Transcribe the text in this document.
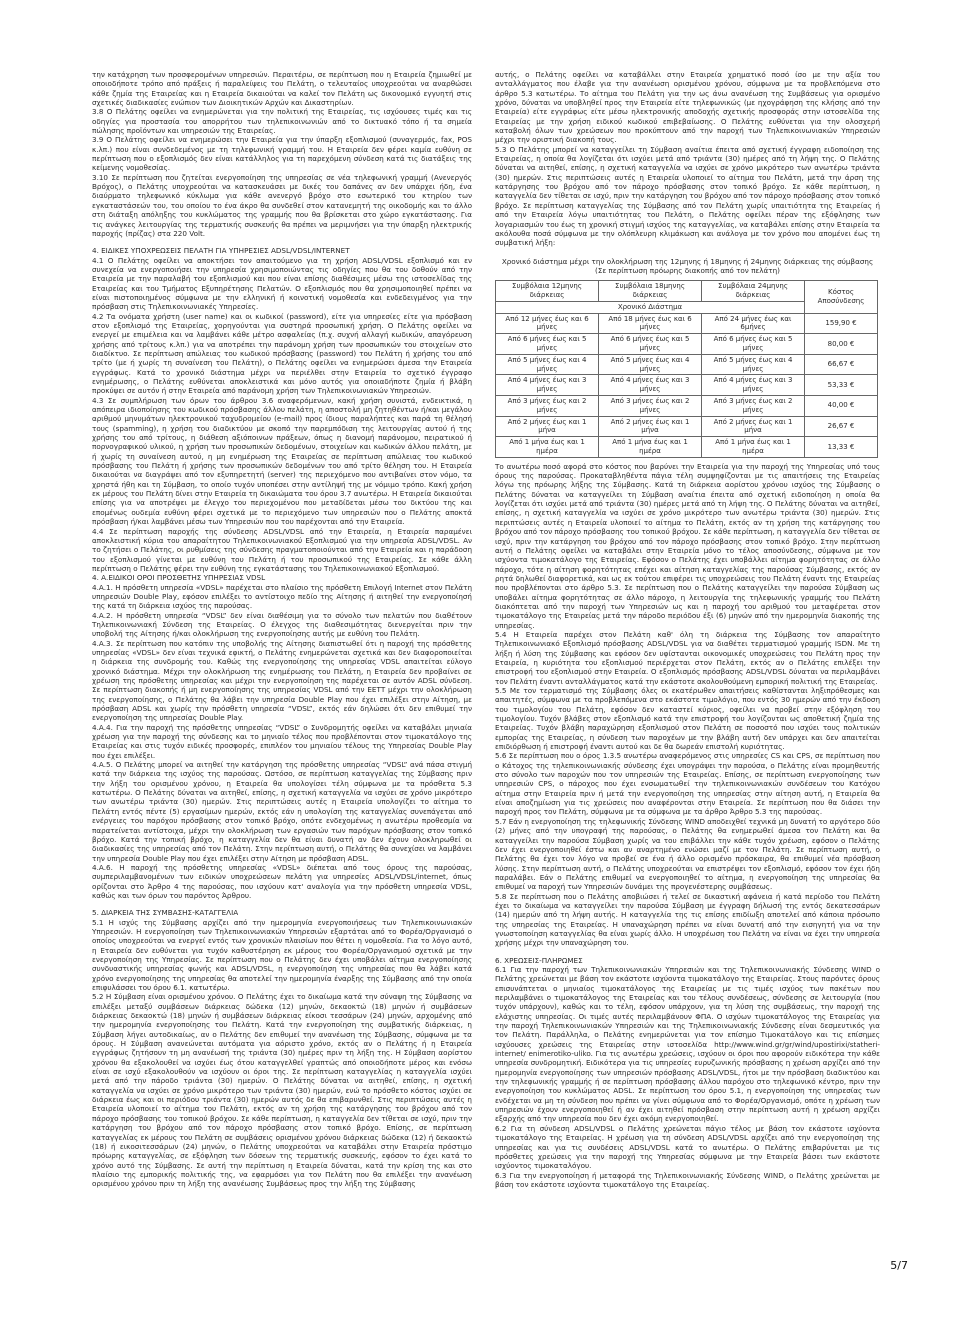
την κατάχρηση των προσφερομένων υπηρεσιών. Περαιτέρω, σε περίπτωση που η Εταιρεία ζημιωθεί με οποιοδήποτε τρόπο από πράξεις ή παραλείψεις του Πελάτη, ο τελευταίος υποχρεούται να αναρθώσει κάθε ζημία της Εταιρείας και η Εταιρεία δικαιούται να καλεί τον Πελάτη ως δικονομικό εγγυητή στις σχετικές διαδικασίες ενώπιον των Διοικητικών Αρχών και Δικαστηρίων.

3.8 Ο Πελάτης οφείλει να ενημερώνεται για την πολιτική της Εταιρείας, τις ισχύουσες τιμές και τις οδηγίες για προστασία του απορρήτου των τηλεπικοινωνιών από το δικτυακό τόπο ή τα σημεία πώλησης προϊόντων και υπηρεσιών της Εταιρείας.

3.9 Ο Πελάτης οφείλει να ενημερώσει την Εταιρεία για την ύπαρξη εξοπλισμού (συναγερμός, fax, POS κ.λπ.) που είναι συνδεδεμένος με τη τηλεφωνική γραμμή του. Η Εταιρεία δεν φέρει καμία ευθύνη σε περίπτωση που ο εξοπλισμός δεν είναι κατάλληλος για τη παρεχόμενη σύνδεση κατά τις διατάξεις της κείμενης νομοθεσίας.

3.10 Σε περίπτωση που ζητείται ενεργοποίηση της υπηρεσίας σε νέα τηλεφωνική γραμμή (Ανενεργός Βρόχος), ο Πελάτης υποχρεούται να κατασκευάσει με δικές του δαπάνες αν δεν υπάρχει ήδη, ένα διαύρματο τηλεφωνικό κύκλωμα για κάθε ανενεργό βρόχο στο εσωτερικό του κτηρίου των εγκαταστάσεών του, του οποίου το ένα άκρο θα συνδεθεί στον κατανεμητή της οικοδομής και το άλλο στη διάταξη απόληξης του κυκλώματος της γραμμής που θα βρίσκεται στο χώρο εγκατάστασης. Για τις ανάγκες λειτουργίας της τερματικής συσκευής θα πρέπει να μεριμνήσει για την ύπαρξη ηλεκτρικής παροχής (πρίζας) στα 220 Volt.

4. ΕΙΔΙΚΕΣ ΥΠΟΧΡΕΩΣΕΙΣ ΠΕΛΑΤΗ ΓΙΑ ΥΠΗΡΕΣΙΕΣ ADSL/VDSL/INTERNET

4.1 Ο Πελάτης οφείλει να αποκτήσει τον απαιτούμενο για τη χρήση ADSL/VDSL εξοπλισμό και εν συνεχεία να ενεργοποιήσει την υπηρεσία χρησιμοποιώντας τις οδηγίες που θα του δοθούν από την Εταιρεία με την παραλαβή του εξοπλισμού και που είναι επίσης διαθέσιμες μέσω της ιστοσελίδας της Εταιρείας και του Τμήματος Εξυπηρέτησης Πελατών. Ο εξοπλισμός που θα χρησιμοποιηθεί πρέπει να είναι πιστοποιημένος σύμφωνα με την ελληνική ή κοινοτική νομοθεσία και ενδεδειγμένος για την πρόσβαση στις Τηλεπικοινωνιακές Υπηρεσίες.

4.2 Τα ονόματα χρήστη (user name) και οι κωδικοί (password), είτε για υπηρεσίες είτε για πρόσβαση στον εξοπλισμό της Εταιρείας, χορηγούνται για συστηρά προσωπική χρήση. Ο Πελάτης οφείλει να ενεργεί με επιμέλεια και να λαμβάνει κάθε μέτρο ασφαλείας (π.χ. συχνή αλλαγή κωδικών, απαγόρευση χρήσης από τρίτους κ.λπ.) για να αποτρέπει την παράνομη χρήση των προσωπικών του στοιχείων στο διαδίκτυο. Σε περίπτωση απώλειας του κωδικού πρόσβασης (password) του Πελάτη ή χρήσης του από τρίτο (με ή χωρίς τη συναίνεση του Πελάτη), ο Πελάτης οφείλει να ενημερώσει άμεσα την Εταιρεία εγγράφως. Κατά το χρονικό διάστημα μέχρι να περιέλθει στην Εταιρεία το σχετικό έγγραφο ενημέρωσης, ο Πελάτης ευθύνεται αποκλειστικά και μόνο αυτός για οποιαδήποτε ζημία ή βλάβη προκύψει σε αυτόν ή στην Εταιρεία από παράνομη χρήση των Τηλεπικοινωνιακών Υπηρεσιών.

4.3 Σε συμπλήρωση των όρων του άρθρου 3.6 αναφερόμενων, κακή χρήση συνιστά, ενδεικτικά, η απόπειρα ιδιοποίησης του κωδικού πρόσβασης άλλου πελάτη, η αποστολή μη ζητηθέντων ή/και μεγάλου αριθμού μηνυμάτων ηλεκτρονικού ταχυδρομείου (e-mail) προς ίδιους παραλήπτες και παρά τη θέλησή τους (spamming), η χρήση του διαδικτύου με σκοπό την παρεμπόδιση της λειτουργίας αυτού ή της χρήσης του από τρίτους, η διάθεση αξιόποινων πράξεων, όπως η διανομή παράνομου, πειρατικού ή πορνογραφικού υλικού, η χρήση των προσωπικών δεδομένων, στοιχείων και κωδικών άλλου πελάτη, με ή χωρίς τη συναίνεση αυτού, η μη ενημέρωση της Εταιρείας σε περίπτωση απώλειας του κωδικού πρόσβασης του Πελάτη ή χρήσης των προσωπικών δεδομένων του από τρίτο θέληση του. Η Εταιρεία δικαιούται να διαγράψει από τον εξυπηρετητή (server) της περιεχόμενο που αντιβαίνει στον νόμο, τα χρηστά ήθη και τη Σύμβαση, το οποίο τυχόν υποπέσει στην αντίληψή της με νόμιμο τρόπο. Κακή χρήση εκ μέρους του Πελάτη δίνει στην Εταιρεία τη δικαιώματα του όρου 3.7 ανωτέρω. Η Εταιρεία δικαιούται επίσης για να αποτρέψει με έλεγχο του περιεχομένου που μεταδίδεται μέσω του δικτύου της και επομένως ουδεμία ευθύνη φέρει σχετικά με το περιεχόμενο των υπηρεσιών που ο Πελάτης αποκτά πρόσβαση ή/και λαμβάνει μέσω των Υπηρεσιών που του παρέχονται από την Εταιρεία.

4.4 Σε περίπτωση παροχής της σύνδεσης ADSL/VDSL από την Εταιρεία, η Εταιρεία παραμένει αποκλειστική κύρια του απαραίτητου Τηλεπικοινωνιακού Εξοπλισμού για την υπηρεσία ADSL/VDSL. Αν το ζητήσει ο Πελάτης, οι ρυθμίσεις της σύνδεσης πραγματοποιούνται από την Εταιρεία και η παράδοση του εξοπλισμού γίνεται με ευθύνη του Πελάτη ή του προσωπικού της Εταιρείας. Σε κάθε άλλη περίπτωση ο Πελάτης φέρει την ευθύνη της εγκατάστασης του Τηλεπικοινωνιακού Εξοπλισμού.

4. Α.ΕΙΔΙΚΟΙ ΟΡΟΙ ΠΡΟΣΘΕΤΗΣ ΥΠΗΡΕΣΙΑΣ VDSL

4.Α.1. Η πρόσθετη υπηρεσία «VDSL» παρέχεται στο πλαίσιο της πρόσθετη Επιλογή Internet στον Πελάτη υπηρεσιών Double Play, εφόσον επιλέξει το αντίστοιχο πεδίο της Αίτησης ή αιτηθεί την ενεργοποίησή της κατά τη διάρκεια ισχύος της παρούσας.

4.Α.2. Η πρόσθετη υπηρεσία “VDSL” δεν είναι διαθέσιμη για το σύνολο των πελατών που διαθέτουν Τηλεπικοινωνιακή Σύνδεση της Εταιρείας. Ο έλεγχος της διαθεσιμότητας διενεργείται πριν την υποβολή της Αίτησης ή/και ολοκλήρωση της ενεργοποίησης αυτής με ευθύνη του Πελάτη.

4.Α.3. Σε περίπτωση που κατόπιν της υποβολής της Αίτησης διαπιστωθεί ότι η παροχή της πρόσθετης υπηρεσίας «VDSL» δεν είναι τεχνικά εφικτή, ο Πελάτης ενημερώνεται σχετικά και δεν διαφοροποιείται η διάρκεια της συνδρομής του. Καθώς της ενεργοποίησης της υπηρεσίας VDSL απαιτείται εύλογο χρονικό διάστημα. Μέχρι την ολοκλήρωση της ενημέρωσης του Πελάτη, η Εταιρεία δεν προβαίνει σε χρέωση της πρόσθετης υπηρεσίας και μέχρι την ενεργοποίηση της παρέχεται σε αυτόν ADSL σύνδεση. Σε περίπτωση διακοπής ή μη ενεργοποίησης της υπηρεσίας VDSL από την ΕΕΤΤ μέχρι την ολοκλήρωση της ενεργοποίησης, ο Πελάτης θα λάβει την υπηρεσία Double Play που έχει επιλέξει στην Αίτηση, με πρόσβαση ADSL και χωρίς την πρόσθετη υπηρεσία “VDSL”, εκτός εάν δηλώσει ότι δεν επιθυμεί την ενεργοποίηση της υπηρεσίας Double Play.

4.Α.4. Για την παροχή της πρόσθετης υπηρεσίας “VDSL” ο Συνδρομητής οφείλει να καταβάλει μηνιαία χρέωση για την παροχή της σύνδεσης και το μηνιαίο τέλος που προβλέπονται στον τιμοκατάλογο της Εταιρείας και στις τυχόν ειδικές προσφορές, επιπλέον του μηνιαίου τέλους της Υπηρεσίας Double Play που έχει επιλέξει.

4.Α.5. Ο Πελάτης μπορεί να αιτηθεί την κατάργηση της πρόσθετης υπηρεσίας “VDSL” ανά πάσα στιγμή κατά την διάρκεια της ισχύος της παρούσας. Ωστόσο, σε περίπτωση καταγγελίας της Σύμβασης πριν την λήξη του ορισμένου χρόνου, η Εταιρεία θα υπολογίσει τέλη σύμφωνα με τα πρόσθετα 5.3 κατωτέρω. Ο Πελάτης δύναται να αιτηθεί, επίσης, η σχετική καταγγελία να ισχύει σε χρόνο μικρότερο των ανωτέρω τριάντα (30) ημερών. Στις περιπτώσεις αυτές η Εταιρεία υπολογίζει το αίτημα το Πελάτη εντός πέντε (5) εργασίμων ημερών, εκτός εάν η υπολογίση της καταγγελίας συνεπάγεται από ενέργειες του παρόχου πρόσβασης στον τοπικό βρόχο, οπότε ενδεχομένως η ανωτέρω προθεσμία να παρατείνεται αντίστοιχα, μέχρι την ολοκλήρωση των εργασιών των παρόχων πρόσβασης στον τοπικό βρόχο. Κατά την τοπική βρόχο, η καταγγελία δεν θα είναι δυνατή αν δεν έχουν ολοκληρωθεί οι διαδικασίες της υπηρεσίας από τον Πελάτη. Στην περίπτωση αυτή, ο Πελάτης θα συνεχίσει να λαμβάνει την υπηρεσία Double Play που έχει επιλέξει στην Αίτηση με πρόσβαση ADSL.

4.Α.6. Η παροχή της πρόσθετης υπηρεσίας «VDSL» διέπεται από τους όρους της παρούσας, συμπεριλαμβανομένων των ειδικών υποχρεώσεων πελάτη για υπηρεσίες ADSL/VDSL/internet, όπως ορίζονται στο Άρθρο 4 της παρούσας, που ισχύουν κατ' αναλογία για την πρόσθετη υπηρεσία VDSL, καθώς και των όρων του παρόντος Άρθρου.

5. ΔΙΑΡΚΕΙΑ ΤΗΣ ΣΥΜΒΑΣΗΣ-ΚΑΤΑΓΓΕΛΙΑ

5.1 Η ισχύς της Σύμβασης αρχίζει από την ημερομηνία ενεργοποιήσεως των Τηλεπικοινωνιακών Υπηρεσιών. Η ενεργοποίηση των Τηλεπικοινωνιακών Υπηρεσιών εξαρτάται από το Φορέα/Οργανισμό ο οποίος υποχρεούται να ενεργεί εντός των χρονικών πλαισίων που θέτει η νομοθεσία. Για το λόγο αυτό, η Εταιρεία δεν ευθύνεται για τυχόν καθυστέρηση εκ μέρους του Φορέα/Οργανισμού σχετικά με την ενεργοποίηση της Υπηρεσίας. Σε περίπτωση που ο Πελάτης δεν έχει υποβάλει αίτημα ενεργοποίησης συνδυαστικής υπηρεσίας φωνής και ADSL/VDSL, η ενεργοποίηση της υπηρεσίας που θα λάβει κατά χρόνο ενεργοποίησης της υπηρεσίας θα αποτελεί την ημερομηνία έναρξης της Σύμβασης από την οποία επιφυλάσσει του όρου 6.1. κατωτέρω.

5.2 Η Σύμβαση είναι ορισμένου χρόνου. Ο Πελάτης έχει το δικαίωμα κατά την σύναψη της Σύμβασης να επιλέξει μεταξύ συμβάσεων διάρκειας δώδεκα (12) μηνών, δεκαοκτώ (18) μηνών ή συμβάσεων διάρκειας δεκαοκτώ (18) μηνών ή συμβάσεων διάρκειας είκοσι τεσσάρων (24) μηνών, αρχομένης από την ημερομηνία ενεργοποίησης του Πελάτη. Κατά την ενεργοποίηση της συμβατικής διάρκειας, η Σύμβαση λήγει αυτοδικαίως, αν ο Πελάτης δεν επιθυμεί την ανανέωση της Σύμβασης, σύμφωνα με τα όρους. Η Σύμβαση ανανεώνεται αυτόματα για αόριστο χρόνο, εκτός αν ο Πελάτης ή η Εταιρεία εγγράφως ζητήσουν τη μη ανανέωσή της τριάντα (30) ημέρες πριν τη λήξη της. Η Σύμβαση αορίστου χρόνου θα εξακολουθεί να ισχύει έως ότου καταγγελθεί γραπτώς από οποιοδήποτε μέρος και ενόσω είναι σε ισχύ εξακολουθούν να ισχύουν οι όροι της. Σε περίπτωση καταγγελίας η καταγγελία ισχύει μετά από την πάροδο τριάντα (30) ημερών. Ο Πελάτης δύναται να αιτηθεί, επίσης, η σχετική καταγγελία να ισχύει σε χρόνο μικρότερο των τριάντα (30) ημερών, ενώ το πρόσθετο κόστος ισχύει σε διάρκεια έως και οι περιόδου τριάντα (30) ημερών αυτός δε θα επιβαρυνθεί. Στις περιπτώσεις αυτές η Εταιρεία υλοποιεί το αίτημα του Πελάτη, εκτός αν τη χρήση της κατάργησης του βρόχου από τον πάροχο πρόσβασης του τοπικού βρόχου. Σε κάθε περίπτωση, η καταγγελία δεν τίθεται σε ισχύ, πριν την κατάργηση του βρόχου από τον πάροχο πρόσβασης στον τοπικό βρόχο. Επίσης, σε περίπτωση καταγγελίας εκ μέρους του Πελάτη σε συμβάσεις ορισμένου χρόνου διάρκειας δώδεκα (12) ή δεκαοκτώ (18) ή εικοσιτεσσάρων (24) μηνών, ο Πελάτης υποχρεούται να καταβάλει στην Εταιρεία πρόστιμο πρόωρης καταγγελίας, σε εξόφληση των δόσεων της τερματικής συσκευής, εφόσον το έχει κατά το χρόνο αυτό της Σύμβασης. Σε αυτή την περίπτωση η Εταιρεία δύναται, κατά την κρίση της και στο πλαίσιο της εμπορικής πολιτικής της, να εφαρμόσει για τον Πελάτη που θα επιλέξει την ανανέωση ορισμένου χρόνου πριν τη λήξη της ανανέωσης Συμβάσεως προς την λήξη της Σύμβασης

αυτής, ο Πελάτης οφείλει να καταβάλλει στην Εταιρεία χρηματικό ποσό ίσο με την αξία του ανταλλάγματος που έλαβε για την ανανέωση ορισμένου χρόνου, σύμφωνα με τα προβλεπόμενα στο άρθρο 5.3 κατωτέρω. Το αίτημα του Πελάτη για την ως άνω ανανέωση της Συμβάσεως για ορισμένο χρόνο, δύναται να υποβληθεί προς την Εταιρεία είτε τηλεφωνικώς (με ηχογράφηση της κλήσης από την Εταιρεία) είτε εγγράφως είτε μέσω ηλεκτρονικής αποδοχής σχετικής προσφοράς στην ιστοσελίδα της Εταιρείας με την χρήση ειδικού κωδικού επιβεβαίωσης. Ο Πελάτης ευθύνεται για την ολοσχερή καταβολή όλων των χρεώσεων που προκύπτουν από την παροχή των Τηλεπικοινωνιακών Υπηρεσιών μέχρι την οριστική διακοπή τους.

5.3 Ο Πελάτης μπορεί να καταγγείλει τη Σύμβαση αναίτια έπειτα από σχετική έγγραφη ειδοποίηση της Εταιρείας, η οποία θα λογίζεται ότι ισχύει μετά από τριάντα (30) ημέρες από τη λήψη της. Ο Πελάτης δύναται να αιτηθεί, επίσης, η σχετική καταγγελία να ισχύει σε χρόνο μικρότερο των ανωτέρω τριάντα (30) ημερών. Στις περιπτώσεις αυτές η Εταιρεία υλοποιεί το αίτημα του Πελάτη, μετά την άρση της κατάργησης του βρόχου από τον πάροχο πρόσβασης στον τοπικό βρόχο. Σε κάθε περίπτωση, η καταγγελία δεν τίθεται σε ισχύ, πριν την κατάργηση του βρόχου από τον πάροχο πρόσβασης στον τοπικό βρόχο. Σε περίπτωση καταγγελίας της Σύμβασης από τον Πελάτη χωρίς υπαιτιότητα της Εταιρείας ή από την Εταιρεία λόγω υπαιτιότητας του Πελάτη, ο Πελάτης οφείλει πέραν της εξόφλησης των λογαριασμών του έως τη χρονική στιγμή ισχύος της καταγγελίας, να καταβάλει επίσης στην Εταιρεία τα ακόλουθα ποσά σύμφωνα με την ολόπλευρη κλιμάκωση και ανάλογα με τον χρόνο που απομένει έως τη συμβατική λήξη:

Χρονικό διάστημα μέχρι την ολοκλήρωση της 12μηνης ή 18μηνης ή 24μηνης διάρκειας της σύμβασης
(Σε περίπτωση πρόωρης διακοπής από τον πελάτη)
Συμβόλαια 12μηνης διάρκειας	Συμβόλαια 18μηνης διάρκειας	Συμβόλαια 24μηνης διάρκειας	Κόστος Αποσύνδεσης
Χρονικό Διάστημα			
Από 12 μήνες έως και 6 μήνες	Από 18 μήνες έως και 6 μήνες	Από 24 μήνες έως και 6μήνες	159,90 €
Από 6 μήνες έως και 5 μήνες	Από 6 μήνες έως και 5 μήνες	Από 6 μήνες έως και 5 μήνες	80,00 €
Από 5 μήνες έως και 4 μήνες	Από 5 μήνες έως και 4 μήνες	Από 5 μήνες έως και 4 μήνες	66,67 €
Από 4 μήνες έως και 3 μήνες	Από 4 μήνες έως και 3 μήνες	Από 4 μήνες έως και 3 μήνες	53,33 €
Από 3 μήνες έως και 2 μήνες	Από 3 μήνες έως και 2 μήνες	Από 3 μήνες έως και 2 μήνες	40,00 €
Από 2 μήνες έως και 1 μήνα	Από 2 μήνες έως και 1 μήνα	Από 2 μήνες έως και 1 μήνα	26,67 €
Από 1 μήνα έως και 1 ημέρα	Από 1 μήνα έως και 1 ημέρα	Από 1 μήνα έως και 1 ημέρα	13,33 €

Το ανωτέρω ποσό αφορά στο κόστος που βαρύνει την Εταιρεία για την παροχή της Υπηρεσίας υπό τους όρους της παρούσας. Προκαταβληθέντα πάγια τέλη συμψηφίζονται με τις απαιτήσεις της Εταιρείας λόγω της πρόωρης λήξης της Σύμβασης. Κατά τη διάρκεια αορίστου χρόνου ισχύος της Σύμβασης ο Πελάτης δύναται να καταγγείλει τη Σύμβαση αναίτια έπειτα από σχετική ειδοποίηση η οποία θα λογίζεται ότι ισχύει μετά από τριάντα (30) ημέρες μετά από τη λήψη της. Ο Πελάτης δύναται να αιτηθεί, επίσης, η σχετική καταγγελία να ισχύει σε χρόνο μικρότερο των ανωτέρω τριάντα (30) ημερών. Στις περιπτώσεις αυτές η Εταιρεία υλοποιεί το αίτημα το Πελάτη, εκτός αν τη χρήση της κατάργησης του βρόχου από τον πάροχο πρόσβασης του τοπικού βρόχου. Σε κάθε περίπτωση, η καταγγελία δεν τίθεται σε ισχύ, πριν την κατάργηση του βρόχου από τον πάροχο πρόσβασης στον τοπικό βρόχο. Στην περίπτωση αυτή ο Πελάτης οφείλει να καταβάλει στην Εταιρεία μόνο το τέλος αποσύνδεσης, σύμφωνα με τον ισχύοντα τιμοκατάλογο της Εταιρείας. Εφόσον ο Πελάτης έχει υποβάλλει αίτημα φορητότητας σε άλλο πάροχο, τότε η αίτηση φορητότητας επέχει και αίτηση καταγγελίας της παρούσας Σύμβασης, εκτός αν ρητά δηλωθεί διαφορετικά, και ως εκ τούτου επιφέρει τις υποχρεώσεις του Πελάτη έναντι της Εταιρείας που προβλέπονται στο άρθρο 5.3. Σε περίπτωση που ο Πελάτης καταγγείλει την παρούσα Σύμβαση ως υποβάλει αίτημα φορητότητας σε άλλο πάροχο, η λειτουργία της τηλεφωνικής γραμμής του Πελάτη διακόπτεται από την παροχή των Υπηρεσιών ως και η παροχή του αριθμού του μεταφέρεται στον τιμοκατάλογο της Εταιρείας μετά την πάροδο περιόδου έξι (6) μηνών από την ημερομηνία διακοπής της υπηρεσίας.

5.4 Η Εταιρεία παρέχει στον Πελάτη καθ' όλη τη διάρκεια της Σύμβασης τον απαραίτητο Τηλεπικοινωνιακό Εξοπλισμό πρόσβασης ADSL/VDSL για να διαθέτει τερματισμού γραμμής ISDN. Με τη λήξη ή λύση της Σύμβασης και εφόσον δεν υφίστανται οικονομικές υποχρεώσεις του Πελάτη προς την Εταιρεία, η κυριότητα του εξοπλισμού περιέρχεται στον Πελάτη, εκτός αν ο Πελάτης επιλέξει την επιστροφή του εξοπλισμού στην Εταιρεία. Ο εξοπλισμός πρόσβασης ADSL/VDSL δύναται να περιλαμβάνει τον Πελάτη έναντι ανταλλάγματος κατά την εκάστοτε ακολουθούμενη εμπορική πολιτική της Εταιρείας.

5.5 Με τον τερματισμό της Σύμβασης όλες οι εκατέρωθεν απαιτήσεις καθίστανται ληξιπρόθεσμες και απαιτητές, σύμφωνα με τα προβλεπόμενα στο εκάστοτε τιμολόγιο, που εντός 30 ημερών από την έκδοση του τιμολογίου του Πελάτη, εφόσον δεν καταστεί κύριος, οφείλει να προβεί στην εξόφληση του τιμολογίου. Τυχόν βλάβες στον εξοπλισμό κατά την επιστροφή του λογίζονται ως αποθετική ζημία της Εταιρείας. Τυχόν βλάβη παραχώρηση εξοπλισμού στον Πελάτη σε ποσοστό που ισχύει τους πολιτικών εμπορίας της Εταιρείας, η σύνδεση των παροχέων με την βλάβη αυτή δεν υπάρχει και δεν απαιτείται επιδιόρθωση ή επιστροφή έναντι αυτού και δε θα δωρεάν επιστολή κυριότητας.

5.6 Σε περίπτωση που ο όρος 1.3.5 ανωτέρω αναφερόμενος στις υπηρεσίες CS και CPS, σε περίπτωση που ο Κάτοχος της τηλεπικοινωνιακής σύνδεσης έχει υπογράψει την παρούσα, ο Πελάτης είναι προμηθευτής στο σύνολο των παροχών που τον υπηρεσιών της Εταιρείας. Επίσης, σε περίπτωση ενεργοποίησης των υπηρεσιών CPS, ο πάροχος που έχει ενσωματωθεί την τηλεπικοινωνιακών συνδέσεων του Κατόχου αίτημα στην Εταιρεία πριν ή μετά την ενεργοποίηση της υπηρεσίας στην αίτηση αυτή, η Εταιρεία θα είναι αποζημίωση για τις χρεώσεις που αναφέρονται στην Εταιρεία. Σε περίπτωση που θα διάσει την παροχή προς τον Πελάτη, σύμφωνα με τα σύμφωνα με τα άρθρο Άρθρο 5.3 της παρούσας.

5.7 Εάν η ενεργοποίηση της τηλεφωνικής Σύνδεσης WIND αποδειχθεί τεχνικά μη δυνατή το αργότερο δύο (2) μήνες από την υπογραφή της παρούσας, ο Πελάτης θα ενημερωθεί άμεσα τον Πελάτη και θα καταγγείλει την παρούσα Σύμβαση χωρίς να του επιβάλλει την κάθε τυχόν χρέωση, εφόσον ο Πελάτης δεν έχει ενεργοποιηθεί έστω και αν αναρτημένο ενώσει μαζί με τον Πελάτη. Σε περίπτωση αυτή, ο Πελάτης θα έχει τον λόγο να προβεί σε ένα ή άλλο ορισμένο πρόσκαιρα, θα επιθυμεί νέα πρόσβαση λύσης. Στην περίπτωση αυτή, ο Πελάτης υποχρεούται να επιστρέψει τον εξοπλισμό, εφόσον τον έχει ήδη παραλάβει. Εάν ο Πελάτης επιθυμεί να ενεργοποιηθεί το αίτημα, η ενεργοποίηση της υπηρεσίας θα επιθυμεί να παροχή των Υπηρεσιών δυνάμει της προγενέστερης συμβάσεως.

5.8 Σε περίπτωση που ο Πελάτης αποβιώσει ή τελεί σε δικαστική αφάνεια ή κατά περίοδο του Πελάτη έχει το δικαίωμα να καταγγείλει την παρούσα Σύμβαση με έγγραφη δήλωσή της εντός δεκατεσσάρων (14) ημερών από τη λήψη αυτής. Η καταγγελία της τις επίσης επιδίωξη αποτελεί από κάποια πρόσωπο της υπηρεσίας της Εταιρείας. Η υπαναχώρηση πρέπει να είναι δυνατή από την εισηγητή για να την γνωστοποίηση καταγγελίας θα είναι χωρίς άλλο. Η υποχρέωση του Πελάτη να είναι να έχει την υπηρεσία χρήσης μέχρι την υπαναχώρηση του.

6. ΧΡΕΩΣΕΙΣ-ΠΛΗΡΩΜΕΣ

6.1 Για την παροχή των Τηλεπικοινωνιακών Υπηρεσιών και της Τηλεπικοινωνιακής Σύνδεσης WIND ο Πελάτης χρεώνεται με βάση τον εκάστοτε ισχύοντα τιμοκατάλογο της Εταιρείας. Στους παρόντες όρους επισυνάπτεται ο μηνιαίος τιμοκατάλογος της Εταιρείας με τις τιμές ισχύος των πακέτων που περιλαμβάνει ο τιμοκατάλογος της Εταιρείας και του τέλους συνδέσεως, σύνδεσης σε λειτουργία (που τυχόν υπάρχουν), καθώς και το τέλη, εφόσον υπάρχουν, για τη λύση της συμβάσεως, την παροχή της ελάχιστης υπηρεσίας. Οι τιμές αυτές περιλαμβάνουν ΦΠΑ. Ο ισχύων τιμοκατάλογος της Εταιρείας για την παροχή Τηλεπικοινωνιακών Υπηρεσιών και της Τηλεπικοινωνιακής Σύνδεσης είναι δεσμευτικός για τον Πελάτη. Παράλληλα, ο Πελάτης ενημερώνεται για τον επίσημο Τιμοκατάλογο και τις επίσημες ισχύουσες χρεώσεις της Εταιρείας στην ιστοσελίδα http://www.wind.gr/gr/wind/upostirixi/statheri-internet/ enimerotiko-uliko. Για τις ανωτέρω χρεώσεις, ισχύουν οι όροι που αφορούν ειδικότερα την κάθε υπηρεσία συνδρομητική. Ειδικότερα για τις υπηρεσίες ευρυζωνικής πρόσβασης η χρέωση αρχίζει από την ημερομηνία ενεργοποίησης των υπηρεσιών πρόσβασης ADSL/VDSL, ήτοι με την πρόσβαση διαδικτύου και την τηλεφωνικής γραμμής ή σε περίπτωση πρόσβασης άλλου παρόχου στο τηλεφωνικό κέντρο, πριν την ενεργοποίηση του κυκλώματος ADSL. Σε περίπτωση του όρου 5.1, η ενεργοποίηση της υπηρεσίας των ενδέχεται να μη τη σύνδεση που πρέπει να γίνει σύμφωνα από το Φορέα/Οργανισμό, οπότε η χρέωση των υπηρεσιών έχουν ενεργοποιηθεί ή αν έχει αιτηθεί πρόσβαση στην περίπτωση αυτή η χρέωση αρχίζει εξαρχής από την υπηρεσία που δεν έχει ακόμη ενεργοποιηθεί.

6.2 Για τη σύνδεση ADSL/VDSL ο Πελάτης χρεώνεται πάγιο τέλος με βάση τον εκάστοτε ισχύοντα τιμοκατάλογο της Εταιρείας. Η χρέωση για τη σύνδεση ADSL/VDSL αρχίζει από την ενεργοποίηση της υπηρεσίας και για τις συνδέσεις ADSL/VDSL κατά το ανωτέρω. Ο Πελάτης επιβαρύνεται με τις πρόσθετες χρεώσεις για την παροχή της Υπηρεσίας σύμφωνα με την Εταιρεία βάσει των εκάστοτε ισχύοντος τιμοκαταλόγου.

6.3 Για την ενεργοποίηση ή μεταφορά της Τηλεπικοινωνιακής Σύνδεσης WIND, ο Πελάτης χρεώνεται με βάση τον εκάστοτε ισχύοντα τιμοκατάλογο της Εταιρείας.

5/7
